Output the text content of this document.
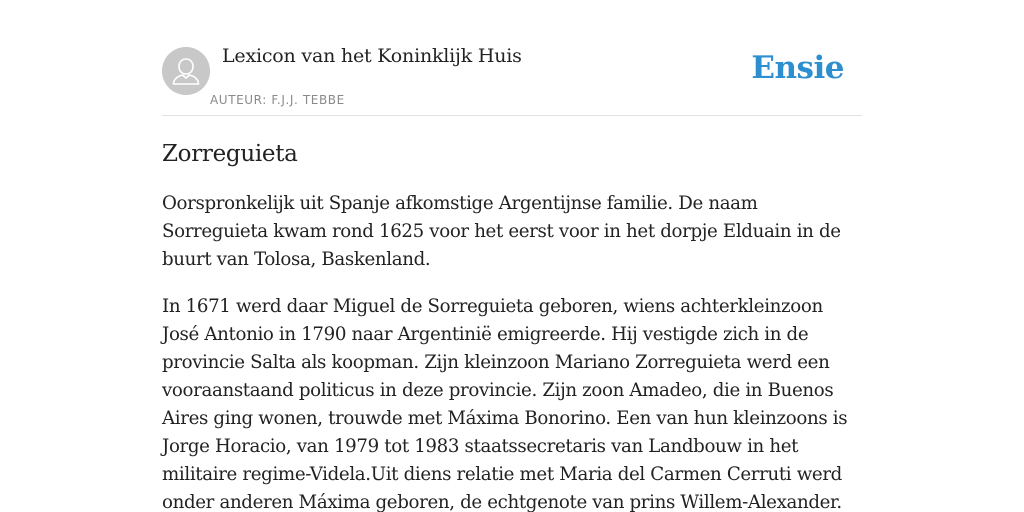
Lexicon van het Koninklijk Huis
AUTEUR: F.J.J. TEBBE
Ensie
Zorreguieta

Oorspronkelijk uit Spanje afkomstige Argentijnse familie. De naam Sorreguieta kwam rond 1625 voor het eerst voor in het dorpje Elduain in de buurt van Tolosa, Baskenland.

In 1671 werd daar Miguel de Sorreguieta geboren, wiens achterkleinzoon José Antonio in 1790 naar Argentinië emigreerde. Hij vestigde zich in de provincie Salta als koopman. Zijn kleinzoon Mariano Zorreguieta werd een vooraanstaand politicus in deze provincie. Zijn zoon Amadeo, die in Buenos Aires ging wonen, trouwde met Máxima Bonorino. Een van hun kleinzoons is Jorge Horacio, van 1979 tot 1983 staatssecretaris van Landbouw in het militaire regime-Videla.Uit diens relatie met Maria del Carmen Cerruti werd onder anderen Máxima geboren, de echtgenote van prins Willem-Alexander.
